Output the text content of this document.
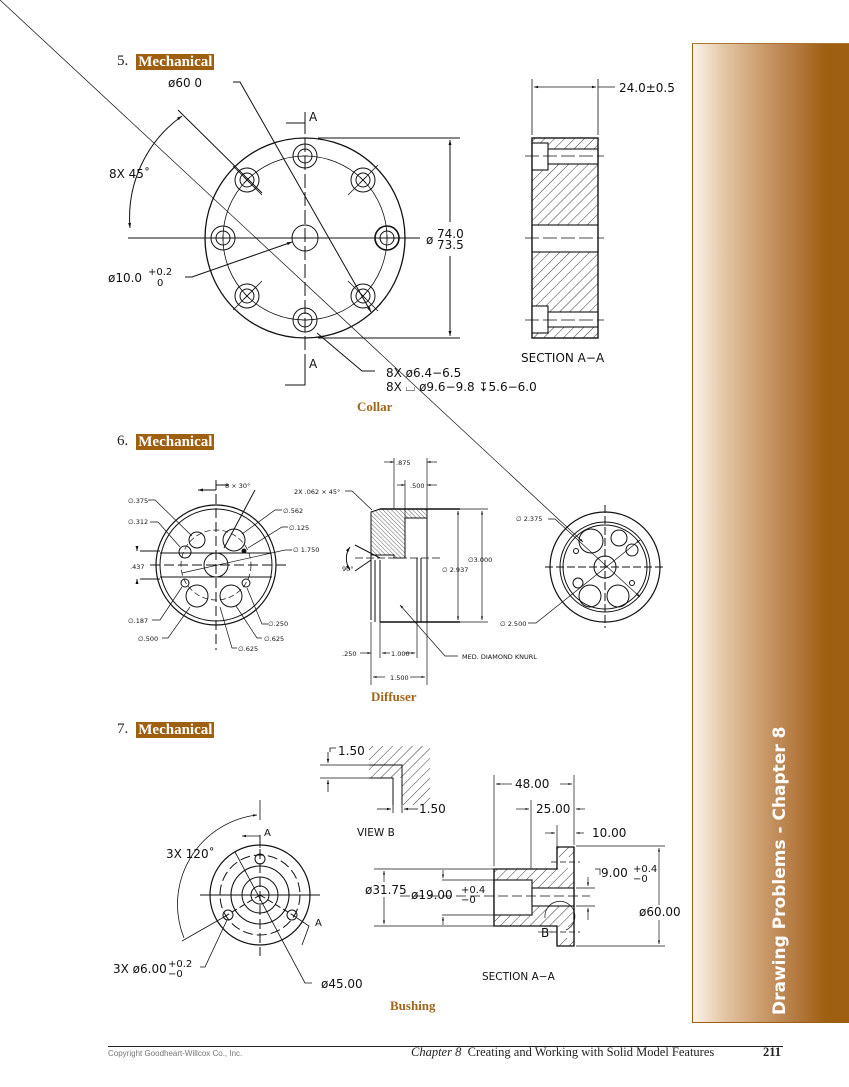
Drawing Problems - Chapter 8
5. Mechanical
6. Mechanical
7. Mechanical
Collar
Diffuser
Bushing
ø60 0
8X 45˚
ø10.0 +0.2
0
ø 74.0
73.5
A
A
8X ø6.4−6.5
8X ⌴ ø9.6−9.8 ↧5.6−6.0
24.0±0.5
SECTION A−A
∅.375
∅.312
.437
∅.187
∅.500
8 × 30°
∅.562
∅.125
∅ 1.750
∅.250
∅.625
∅.625
.875
.500
2X .062 × 45°
90°	∅ 2.937
∅3.000
.250	1.000
1.500
MED. DIAMOND KNURL
∅ 2.375
∅ 2.500
1.50
1.50
VIEW B
3X 120˚
3X ø6.00 +0.2
−0
ø45.00
A
A
48.00
25.00
10.00
9.00 +0.4
−0
ø31.75 ø19.00 +0.4
−0
ø60.00
B
SECTION A−A
Copyright Goodheart-Willcox Co., Inc.	Chapter 8 Creating and Working with Solid Model Features	211
